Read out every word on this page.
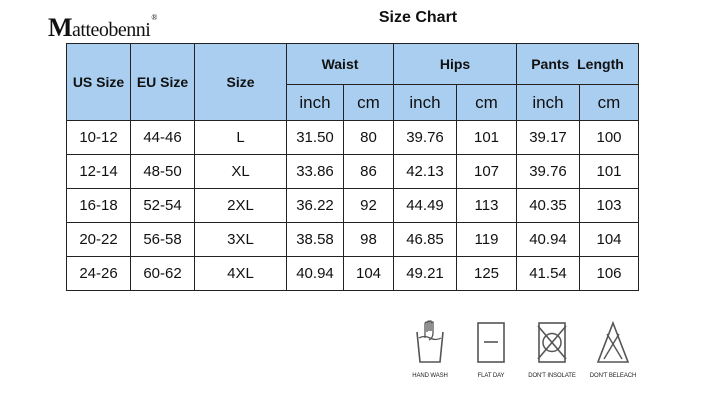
Matteobenni®	Size Chart
US Size	EU Size	Size	Waist		Hips		Pants  Length	
			inch	cm	inch	cm	inch	cm
10-12	44-46	L	31.50	80	39.76	101	39.17	100
12-14	48-50	XL	33.86	86	42.13	107	39.76	101
16-18	52-54	2XL	36.22	92	44.49	113	40.35	103
20-22	56-58	3XL	38.58	98	46.85	119	40.94	104
24-26	60-62	4XL	40.94	104	49.21	125	41.54	106
HAND WASH	FLAT DAY	DON'T INSOLATE	DON'T BELEACH
